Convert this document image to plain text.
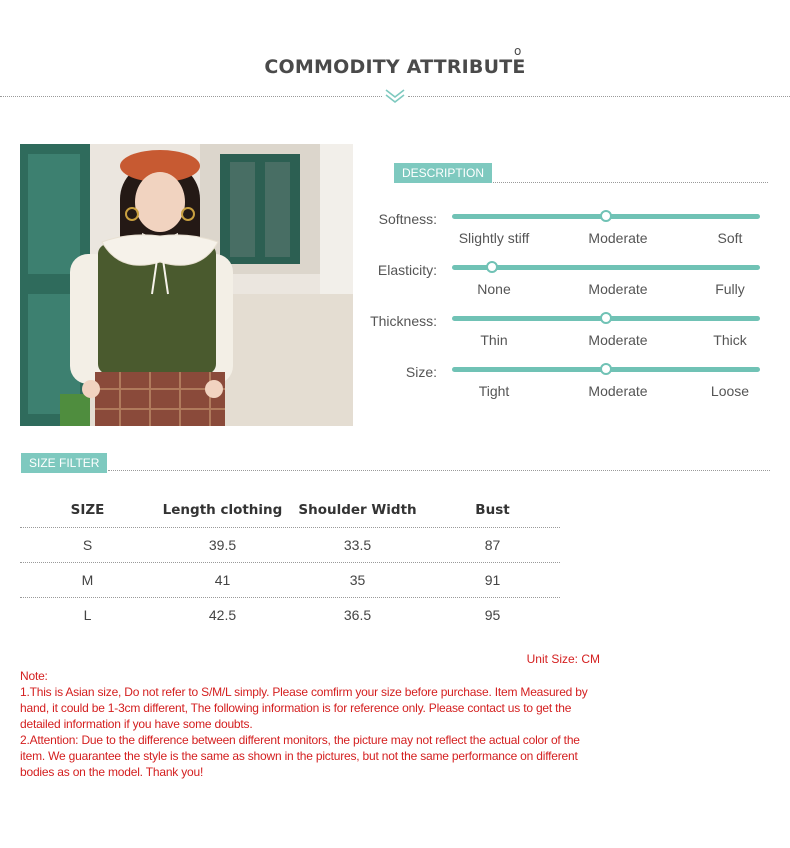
COMMODITY ATTRIBUTE
o
DESCRIPTION
Softness:
Slightly stiff	Moderate	Soft
Elasticity:
None	Moderate	Fully
Thickness:
Thin	Moderate	Thick
Size:
Tight	Moderate	Loose
SIZE FILTER
SIZE	Length clothing	Shoulder Width	Bust
S	39.5	33.5	87
M	41	35	91
L	42.5	36.5	95
Unit Size: CM
Note:
1.This is Asian size, Do not refer to S/M/L simply. Please comfirm your size before purchase. Item Measured by hand, it could be 1-3cm different, The following information is for reference only. Please contact us to get the detailed information if you have some doubts.
2.Attention: Due to the difference between different monitors, the picture may not reflect the actual color of the item. We guarantee the style is the same as shown in the pictures, but not the same performance on different bodies as on the model. Thank you!
